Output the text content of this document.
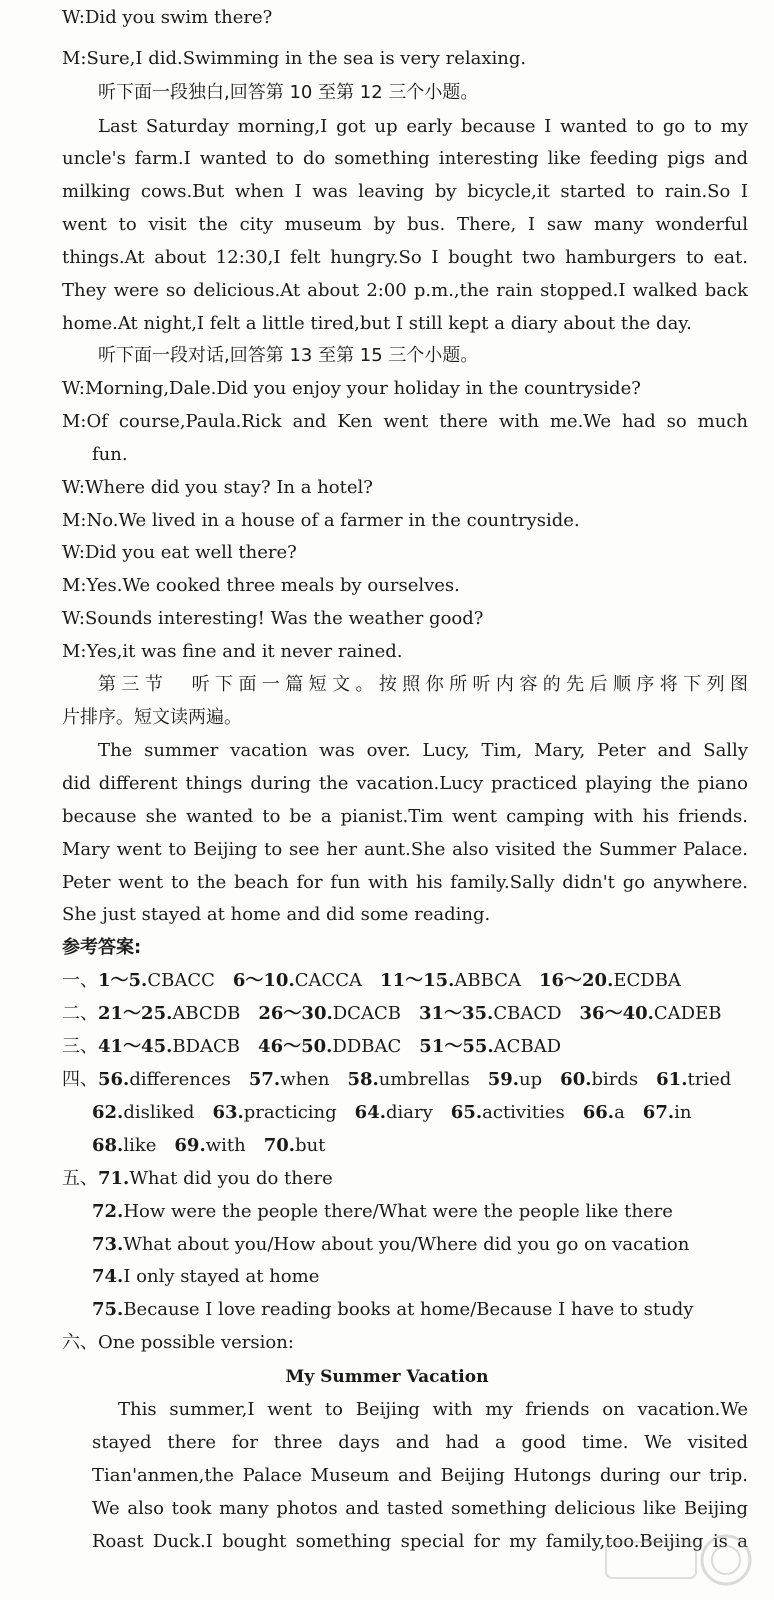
W:Did you swim there?
M:Sure,I did.Swimming in the sea is very relaxing.
听下面一段独白,回答第 10 至第 12 三个小题。
Last Saturday morning,I got up early because I wanted to go to my
uncle's farm.I wanted to do something interesting like feeding pigs and
milking cows.But when I was leaving by bicycle,it started to rain.So I
went to visit the city museum by bus. There, I saw many wonderful
things.At about 12:30,I felt hungry.So I bought two hamburgers to eat.
They were so delicious.At about 2:00 p.m.,the rain stopped.I walked back
home.At night,I felt a little tired,but I still kept a diary about the day.
听下面一段对话,回答第 13 至第 15 三个小题。
W:Morning,Dale.Did you enjoy your holiday in the countryside?
M:Of course,Paula.Rick and Ken went there with me.We had so much
fun.
W:Where did you stay? In a hotel?
M:No.We lived in a house of a farmer in the countryside.
W:Did you eat well there?
M:Yes.We cooked three meals by ourselves.
W:Sounds interesting! Was the weather good?
M:Yes,it was fine and it never rained.
第三节　听下面一篇短文。按照你所听内容的先后顺序将下列图
片排序。短文读两遍。
The summer vacation was over. Lucy, Tim, Mary, Peter and Sally
did different things during the vacation.Lucy practiced playing the piano
because she wanted to be a pianist.Tim went camping with his friends.
Mary went to Beijing to see her aunt.She also visited the Summer Palace.
Peter went to the beach for fun with his family.Sally didn't go anywhere.
She just stayed at home and did some reading.
参考答案:
一、1～5.CBACC 6～10.CACCA 11～15.ABBCA 16～20.ECDBA
二、21～25.ABCDB 26～30.DCACB 31～35.CBACD 36～40.CADEB
三、41～45.BDACB 46～50.DDBAC 51～55.ACBAD
四、56.differences 57.when 58.umbrellas 59.up 60.birds 61.tried
62.disliked 63.practicing 64.diary 65.activities 66.a 67.in
68.like 69.with 70.but
五、71.What did you do there
72.How were the people there/What were the people like there
73.What about you/How about you/Where did you go on vacation
74.I only stayed at home
75.Because I love reading books at home/Because I have to study
六、One possible version:
My Summer Vacation
This summer,I went to Beijing with my friends on vacation.We
stayed there for three days and had a good time. We visited
Tian'anmen,the Palace Museum and Beijing Hutongs during our trip.
We also took many photos and tasted something delicious like Beijing
Roast Duck.I bought something special for my family,too.Beijing is a
